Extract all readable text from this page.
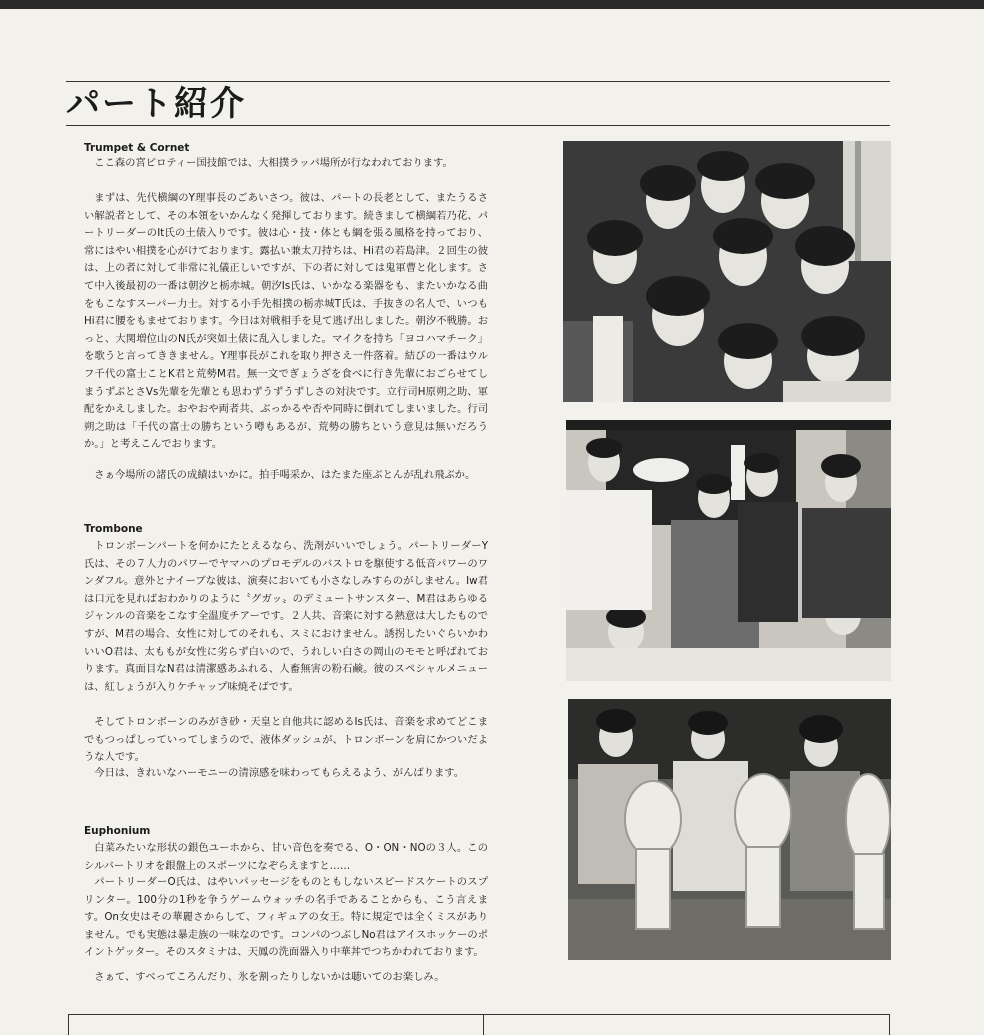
パート紹介
Trumpet & Cornet

ここ森の宮ピロティー国技館では、大相撲ラッパ場所が行なわれております。

まずは、先代横綱のY理事長のごあいさつ。彼は、パートの長老として、またうるさい解説者として、その本領をいかんなく発揮しております。続きまして横綱若乃花、パートリーダーのIt氏の土俵入りです。彼は心・技・体とも綱を張る風格を持っており、常にはやい相撲を心がけております。露払い兼太刀持ちは、Hi君の若島津。２回生の彼は、上の者に対して非常に礼儀正しいですが、下の者に対しては鬼軍曹と化します。さて中入後最初の一番は朝汐と栃赤城。朝汐Is氏は、いかなる楽器をも、またいかなる曲をもこなすスーパー力士。対する小手先相撲の栃赤城T氏は、手抜きの名人で、いつもHi君に腰をもませております。今日は対戦相手を見て逃げ出しました。朝汐不戦勝。おっと、大関増位山のN氏が突如土俵に乱入しました。マイクを持ち「ヨコハマチーク」を歌うと言ってききません。Y理事長がこれを取り押さえ一件落着。結びの一番はウルフ千代の富士ことK君と荒勢M君。無一文でぎょうざを食べに行き先輩におごらせてしまうずぶとさVs先輩を先輩とも思わずうずうずしさの対決です。立行司H原朔之助、軍配をかえしました。おやおや両者共、ぶっかるや否や同時に倒れてしまいました。行司朔之助は「千代の富士の勝ちという噂もあるが、荒勢の勝ちという意見は無いだろうか。」と考えこんでおります。

さぁ今場所の諸氏の成績はいかに。拍手喝采か、はたまた座ぶとんが乱れ飛ぶか。

Trombone

トロンボーンパートを何かにたとえるなら、洗剤がいいでしょう。パートリーダーY氏は、その７人力のパワーでヤマハのプロモデルのバストロを駆使する低音パワーのワンダフル。意外とナイーブな彼は、演奏においても小さなしみすらのがしません。Iw君は口元を見ればおわかりのように〝グガッ〟のデミュートサンスター、M君はあらゆるジャンルの音楽をこなす全温度チアーです。２人共、音楽に対する熱意は大したものですが、M君の場合、女性に対してのそれも、スミにおけません。誘拐したいぐらいかわいいO君は、太ももが女性に劣らず白いので、うれしい白さの岡山のモモと呼ばれております。真面目なN君は清潔感あふれる、人畜無害の粉石鹸。彼のスペシャルメニューは、紅しょうが入りケチャップ味焼そばです。

そしてトロンボーンのみがき砂・天皇と自他共に認めるIs氏は、音楽を求めてどこまでもつっぱしっていってしまうので、液体ダッシュが、トロンボーンを肩にかついだような人です。

今日は、きれいなハーモニーの清涼感を味わってもらえるよう、がんばります。

Euphonium

白菜みたいな形状の銀色ユーホから、甘い音色を奏でる、O・ON・NOの３人。このシルバートリオを銀盤上のスポーツになぞらえますと……

パートリーダーO氏は、はやいパッセージをものともしないスピードスケートのスプリンター。100分の1秒を争うゲームウォッチの名手であることからも、こう言えます。On女史はその華麗さからして、フィギュアの女王。特に規定では全くミスがありません。でも実態は暴走族の一味なのです。コンパのつぶしNo君はアイスホッケーのポイントゲッター。そのスタミナは、天鳳の洗面器入り中華丼でつちかわれております。

さぁて、すべってころんだり、氷を割ったりしないかは聴いてのお楽しみ。
